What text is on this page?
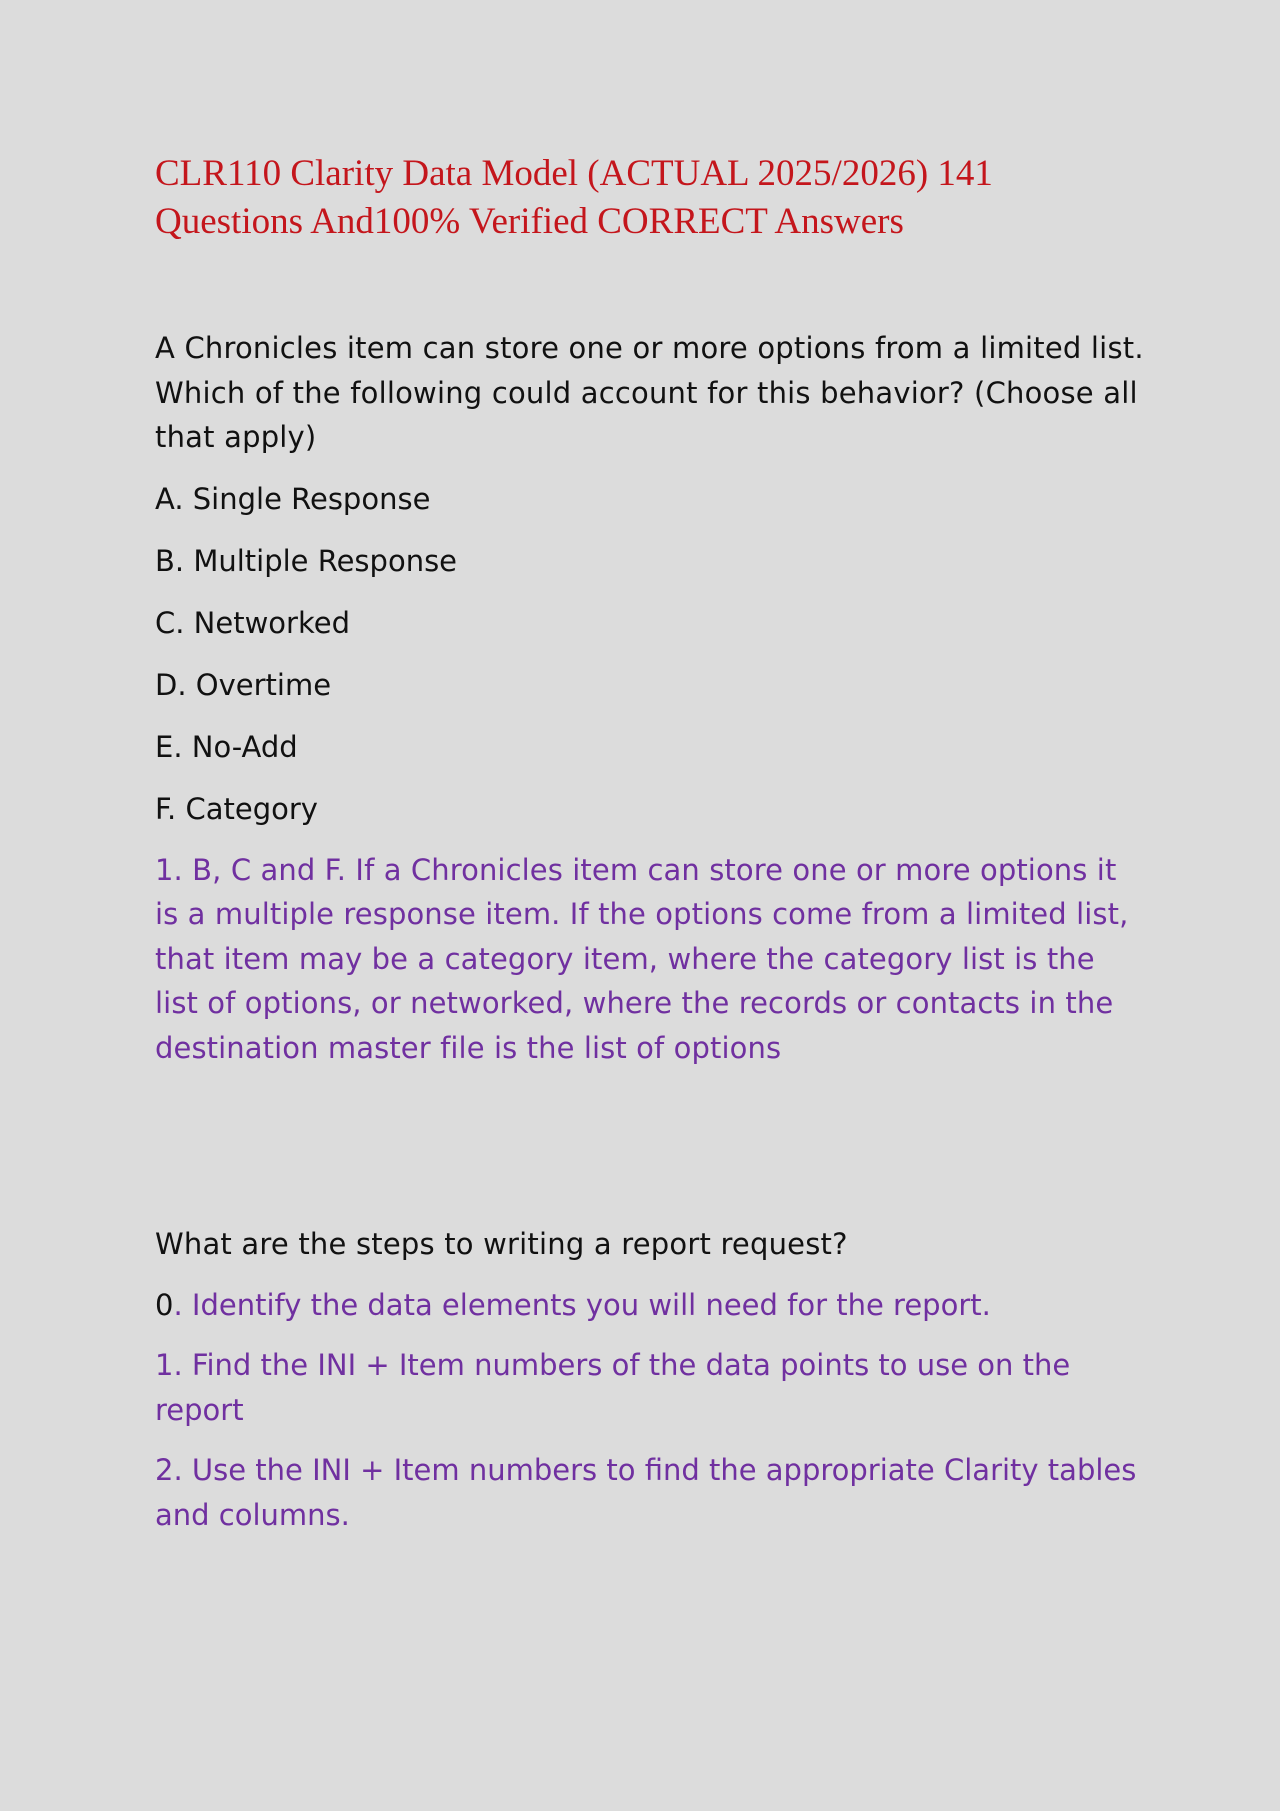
CLR110 Clarity Data Model (ACTUAL 2025/2026) 141 Questions And100% Verified CORRECT Answers

A Chronicles item can store one or more options from a limited list. Which of the following could account for this behavior? (Choose all that apply)

A. Single Response

B. Multiple Response

C. Networked

D. Overtime

E. No-Add

F. Category

1. B, C and F. If a Chronicles item can store one or more options it is a multiple response item. If the options come from a limited list, that item may be a category item, where the category list is the list of options, or networked, where the records or contacts in the destination master file is the list of options

What are the steps to writing a report request?

0. Identify the data elements you will need for the report.

1. Find the INI + Item numbers of the data points to use on the report

2. Use the INI + Item numbers to find the appropriate Clarity tables and columns.
